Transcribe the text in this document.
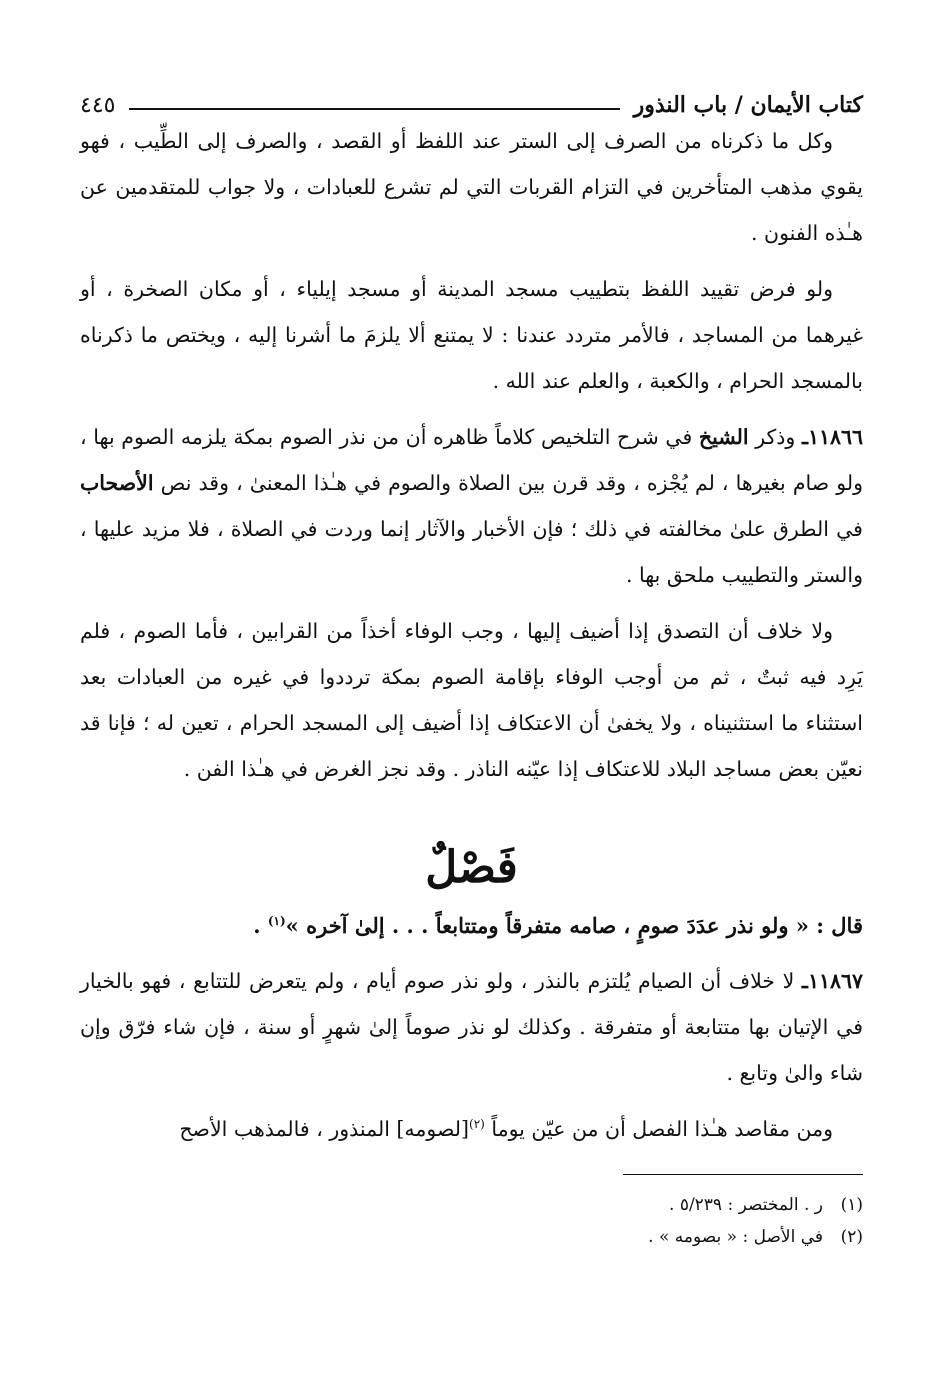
كتاب الأيمان / باب النذور
٤٤٥

وكل ما ذكرناه من الصرف إلى الستر عند اللفظ أو القصد ، والصرف إلى الطِّيب ، فهو يقوي مذهب المتأخرين في التزام القربات التي لم تشرع للعبادات ، ولا جواب للمتقدمين عن هـٰذه الفنون .

ولو فرض تقييد اللفظ بتطييب مسجد المدينة أو مسجد إيلياء ، أو مكان الصخرة ، أو غيرهما من المساجد ، فالأمر متردد عندنا : لا يمتنع ألا يلزمَ ما أشرنا إليه ، ويختص ما ذكرناه بالمسجد الحرام ، والكعبة ، والعلم عند الله .

١١٨٦٦ـ وذكر الشيخ في شرح التلخيص كلاماً ظاهره أن من نذر الصوم بمكة يلزمه الصوم بها ، ولو صام بغيرها ، لم يُجْزه ، وقد قرن بين الصلاة والصوم في هـٰذا المعنىٰ ، وقد نص الأصحاب في الطرق علىٰ مخالفته في ذلك ؛ فإن الأخبار والآثار إنما وردت في الصلاة ، فلا مزيد عليها ، والستر والتطييب ملحق بها .

ولا خلاف أن التصدق إذا أضيف إليها ، وجب الوفاء أخذاً من القرابين ، فأما الصوم ، فلم يَرِد فيه ثبتٌ ، ثم من أوجب الوفاء بإقامة الصوم بمكة ترددوا في غيره من العبادات بعد استثناء ما استثنيناه ، ولا يخفىٰ أن الاعتكاف إذا أضيف إلى المسجد الحرام ، تعين له ؛ فإنا قد نعيّن بعض مساجد البلاد للاعتكاف إذا عيّنه الناذر . وقد نجز الغرض في هـٰذا الفن .

فَصْلٌ
قال : « ولو نذر عدَدَ صومٍ ، صامه متفرقاً ومتتابعاً . . . إلىٰ آخره »$^{(١)}$ .

١١٨٦٧ـ لا خلاف أن الصيام يُلتزم بالنذر ، ولو نذر صوم أيام ، ولم يتعرض للتتابع ، فهو بالخيار في الإتيان بها متتابعة أو متفرقة . وكذلك لو نذر صوماً إلىٰ شهرٍ أو سنة ، فإن شاء فرّق وإن شاء والىٰ وتابع .

ومن مقاصد هـٰذا الفصل أن من عيّن يوماً $^{(٢)}$[لصومه] المنذور ، فالمذهب الأصح

(١)
ر . المختصر : ٥/٢٣٩ .
(٢)
في الأصل : « بصومه » .
